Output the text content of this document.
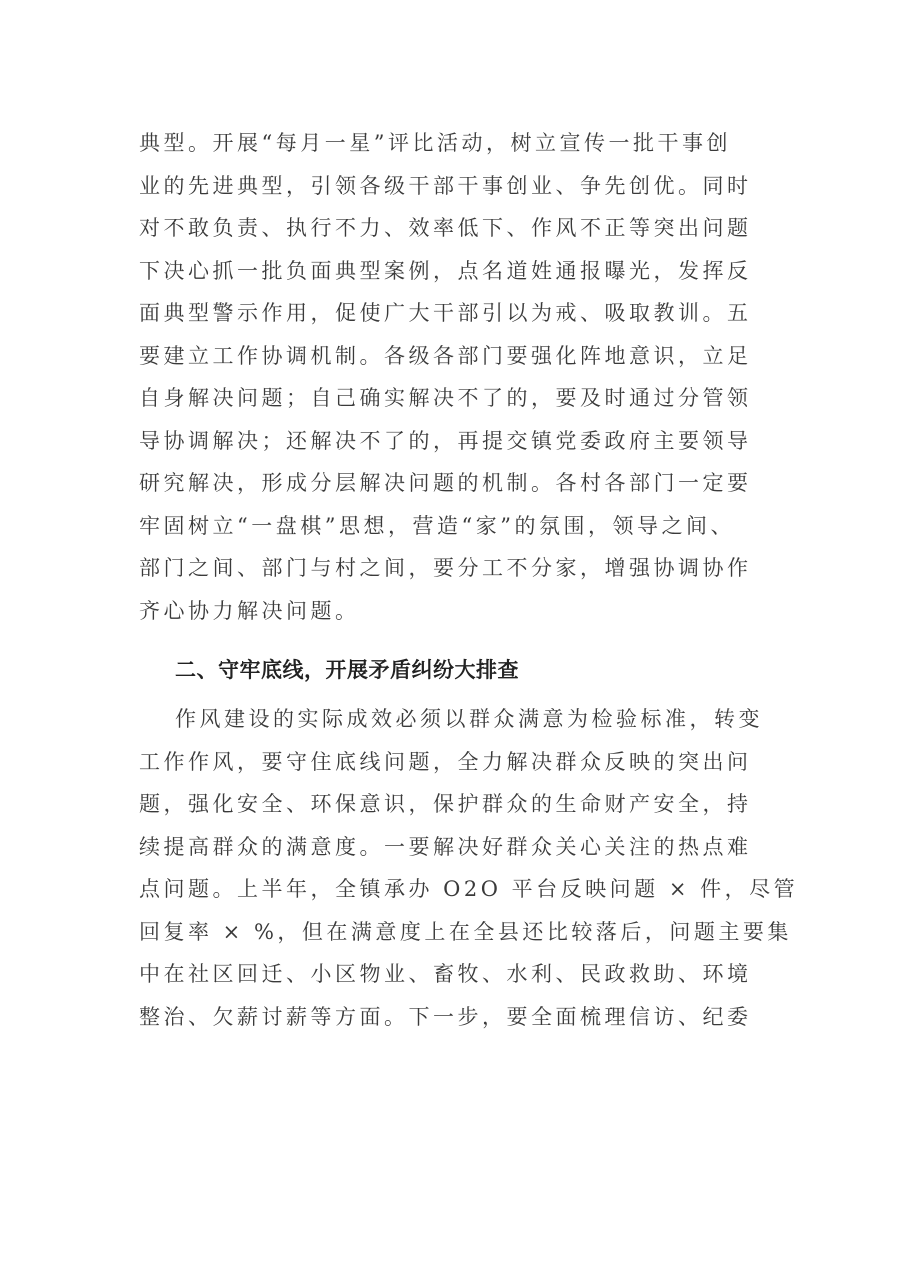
典型。开展“每月一星”评比活动，树立宣传一批干事创
业的先进典型，引领各级干部干事创业、争先创优。同时
对不敢负责、执行不力、效率低下、作风不正等突出问题
下决心抓一批负面典型案例，点名道姓通报曝光，发挥反
面典型警示作用，促使广大干部引以为戒、吸取教训。五
要建立工作协调机制。各级各部门要强化阵地意识，立足
自身解决问题；自己确实解决不了的，要及时通过分管领
导协调解决；还解决不了的，再提交镇党委政府主要领导
研究解决，形成分层解决问题的机制。各村各部门一定要
牢固树立“一盘棋”思想，营造“家”的氛围，领导之间、
部门之间、部门与村之间，要分工不分家，增强协调协作
齐心协力解决问题。
二、守牢底线，开展矛盾纠纷大排查
作风建设的实际成效必须以群众满意为检验标准，转变
工作作风，要守住底线问题，全力解决群众反映的突出问
题，强化安全、环保意识，保护群众的生命财产安全，持
续提高群众的满意度。一要解决好群众关心关注的热点难
点问题。上半年，全镇承办 O2O 平台反映问题 × 件，尽管
回复率 × %，但在满意度上在全县还比较落后，问题主要集
中在社区回迁、小区物业、畜牧、水利、民政救助、环境
整治、欠薪讨薪等方面。下一步，要全面梳理信访、纪委
